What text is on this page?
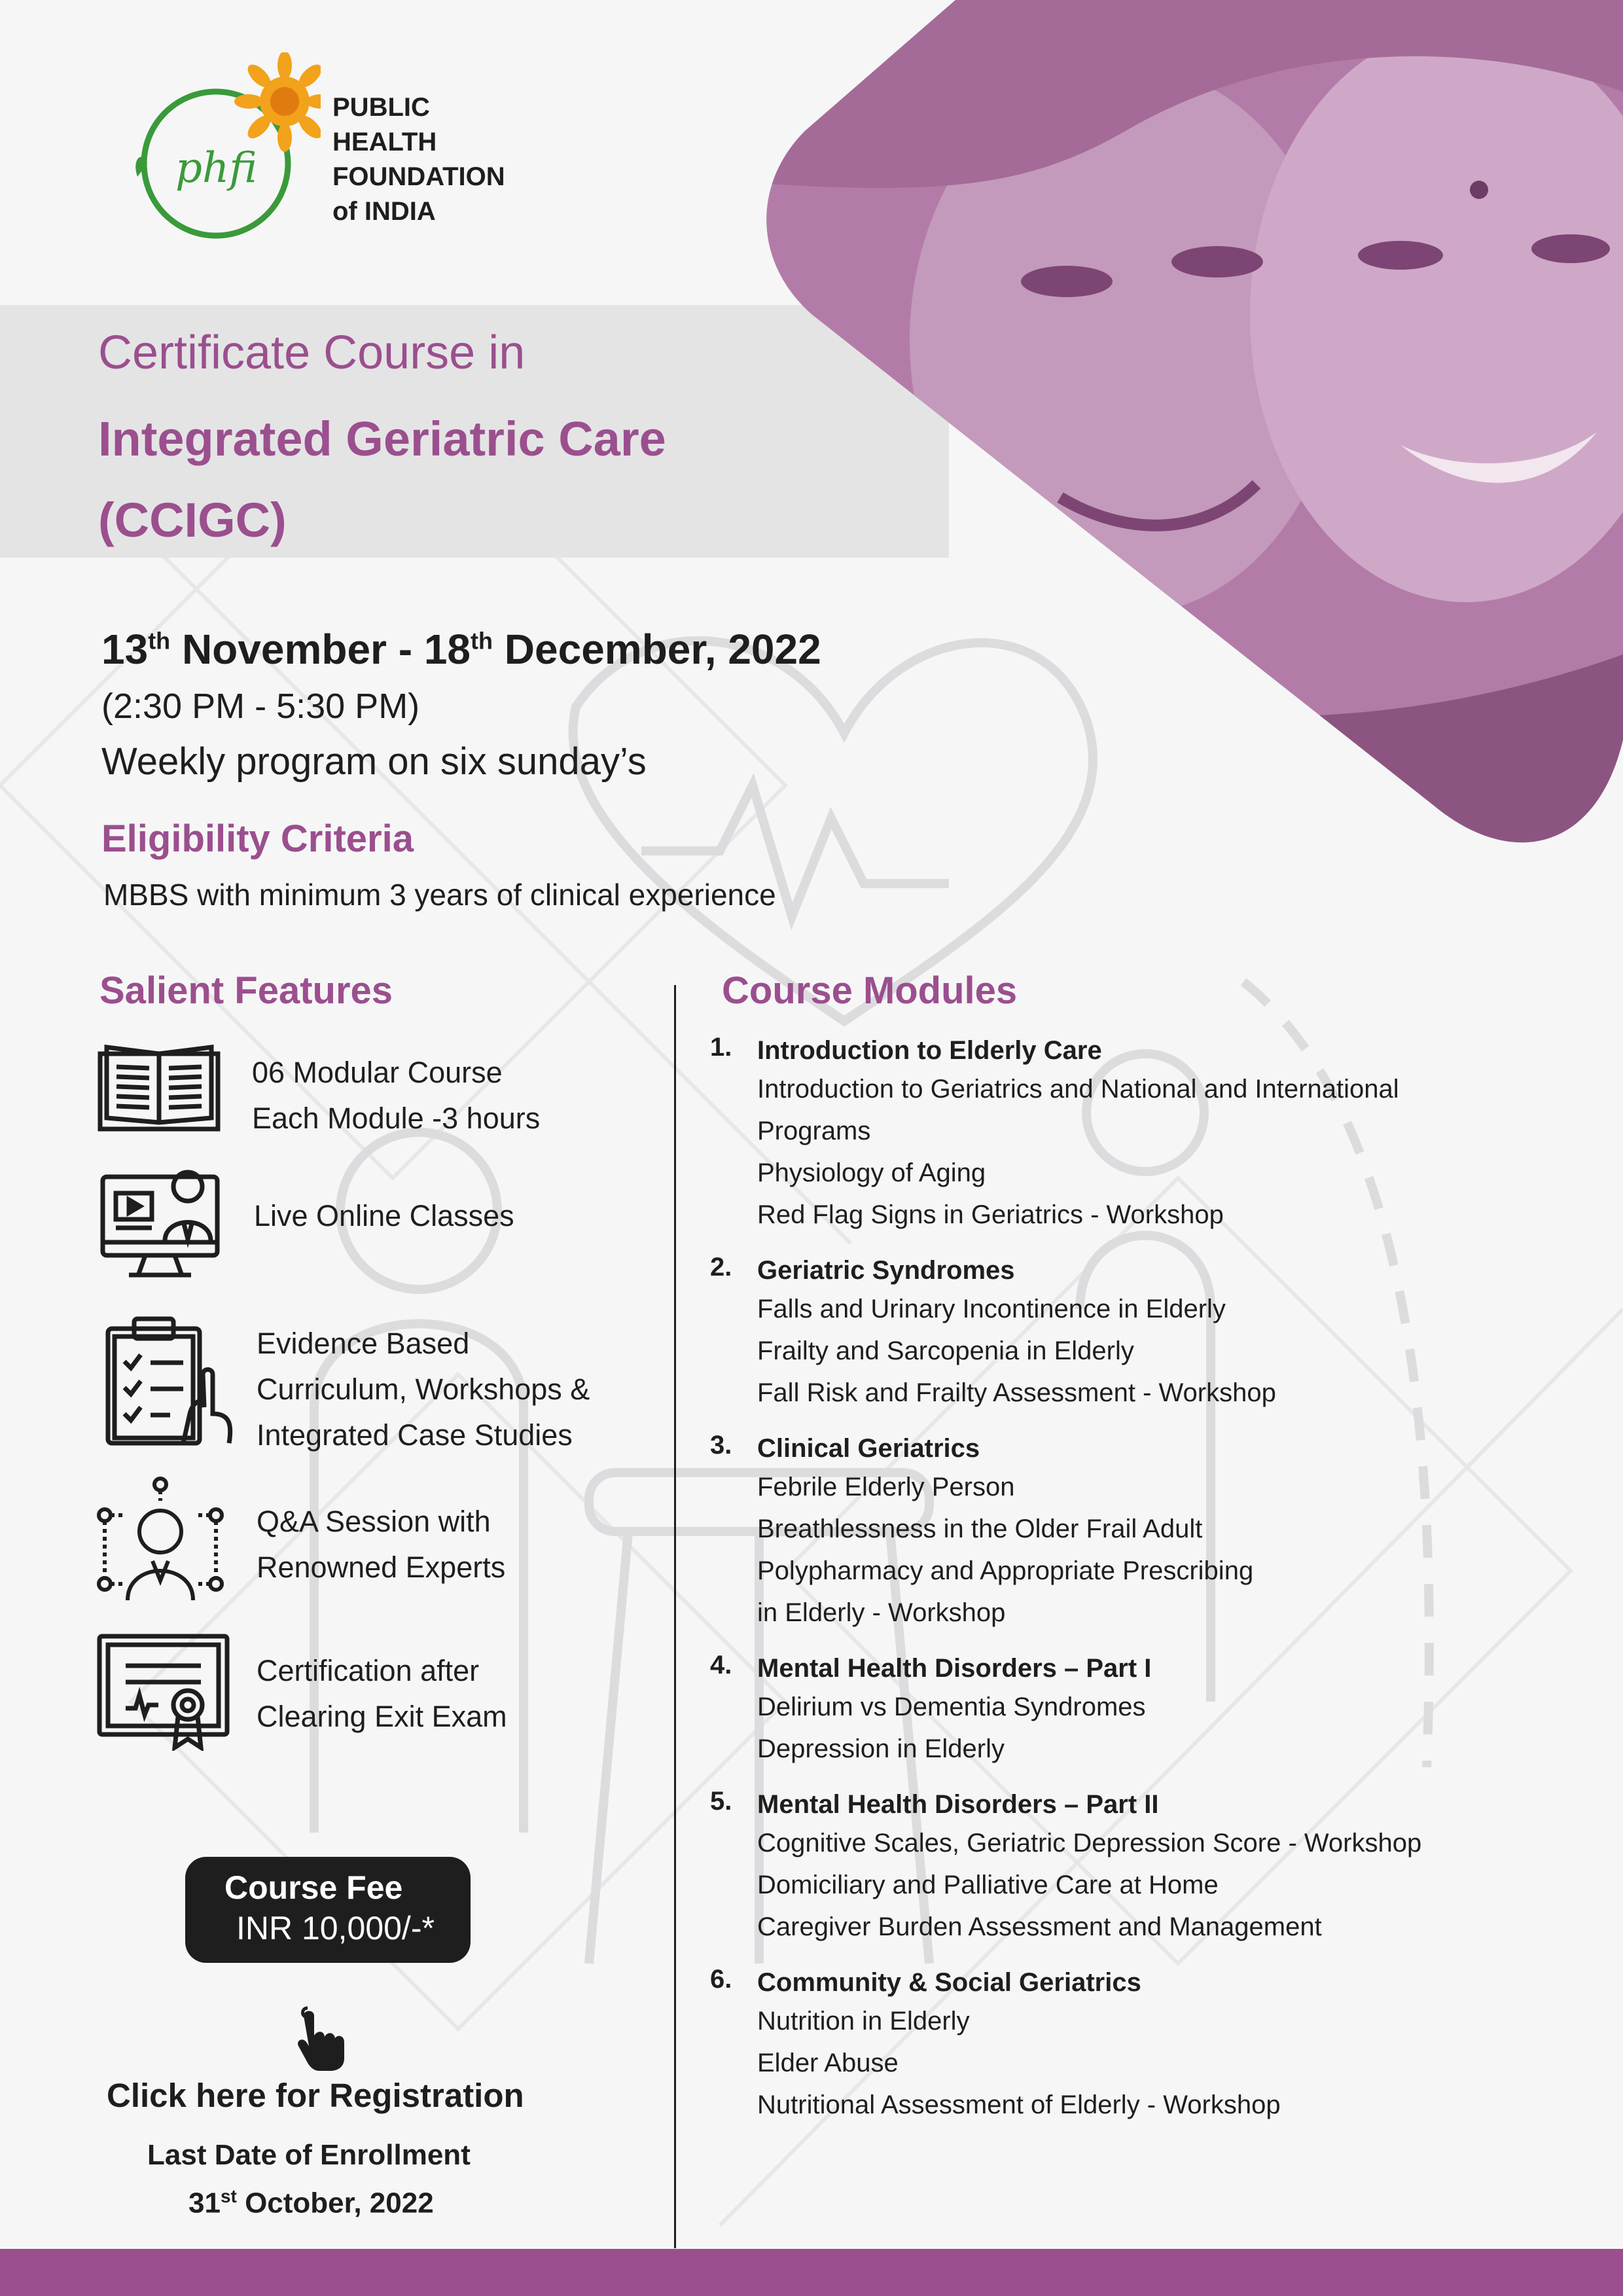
phfi
PUBLIC
HEALTH
FOUNDATION
of INDIA
Certificate Course in
Integrated Geriatric Care
(CCIGC)
13th November - 18th December, 2022
(2:30 PM - 5:30 PM)
Weekly program on six sunday’s
Eligibility Criteria
MBBS with minimum 3 years of clinical experience
Salient Features
06 Modular Course
Each Module -3 hours
Live Online Classes
Evidence Based
Curriculum, Workshops &
Integrated Case Studies
Q&A Session with
Renowned Experts
Certification after
Clearing Exit Exam
Course Fee
INR 10,000/-*
Click here for Registration
Last Date of Enrollment
31st October, 2022
Course Modules
1. Introduction to Elderly Care
Introduction to Geriatrics and National and International
Programs
Physiology of Aging
Red Flag Signs in Geriatrics - Workshop
2. Geriatric Syndromes
Falls and Urinary Incontinence in Elderly
Frailty and Sarcopenia in Elderly
Fall Risk and Frailty Assessment - Workshop
3. Clinical Geriatrics
Febrile Elderly Person
Breathlessness in the Older Frail Adult
Polypharmacy and Appropriate Prescribing
in Elderly - Workshop
4. Mental Health Disorders – Part I
Delirium vs Dementia Syndromes
Depression in Elderly
5. Mental Health Disorders – Part II
Cognitive Scales, Geriatric Depression Score - Workshop
Domiciliary and Palliative Care at Home
Caregiver Burden Assessment and Management
6. Community & Social Geriatrics
Nutrition in Elderly
Elder Abuse
Nutritional Assessment of Elderly - Workshop
